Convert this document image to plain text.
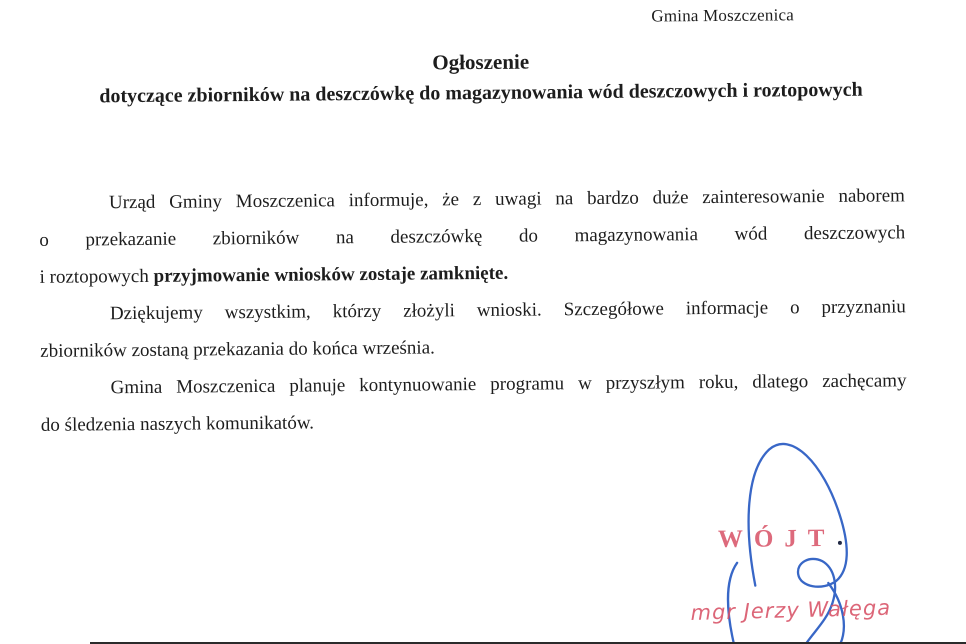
Gmina Moszczenica
Ogłoszenie
dotyczące zbiorników na deszczówkę do magazynowania wód deszczowych i roztopowych
Urząd Gminy Moszczenica informuje, że z uwagi na bardzo duże zainteresowanie naborem
o przekazanie zbiorników na deszczówkę do magazynowania wód deszczowych
i roztopowych przyjmowanie wniosków zostaje zamknięte.
Dziękujemy wszystkim, którzy złożyli wnioski. Szczegółowe informacje o przyznaniu
zbiorników zostaną przekazania do końca września.
Gmina Moszczenica planuje kontynuowanie programu w przyszłym roku, dlatego zachęcamy
do śledzenia naszych komunikatów.
WÓJT
mgr Jerzy Wałęga
